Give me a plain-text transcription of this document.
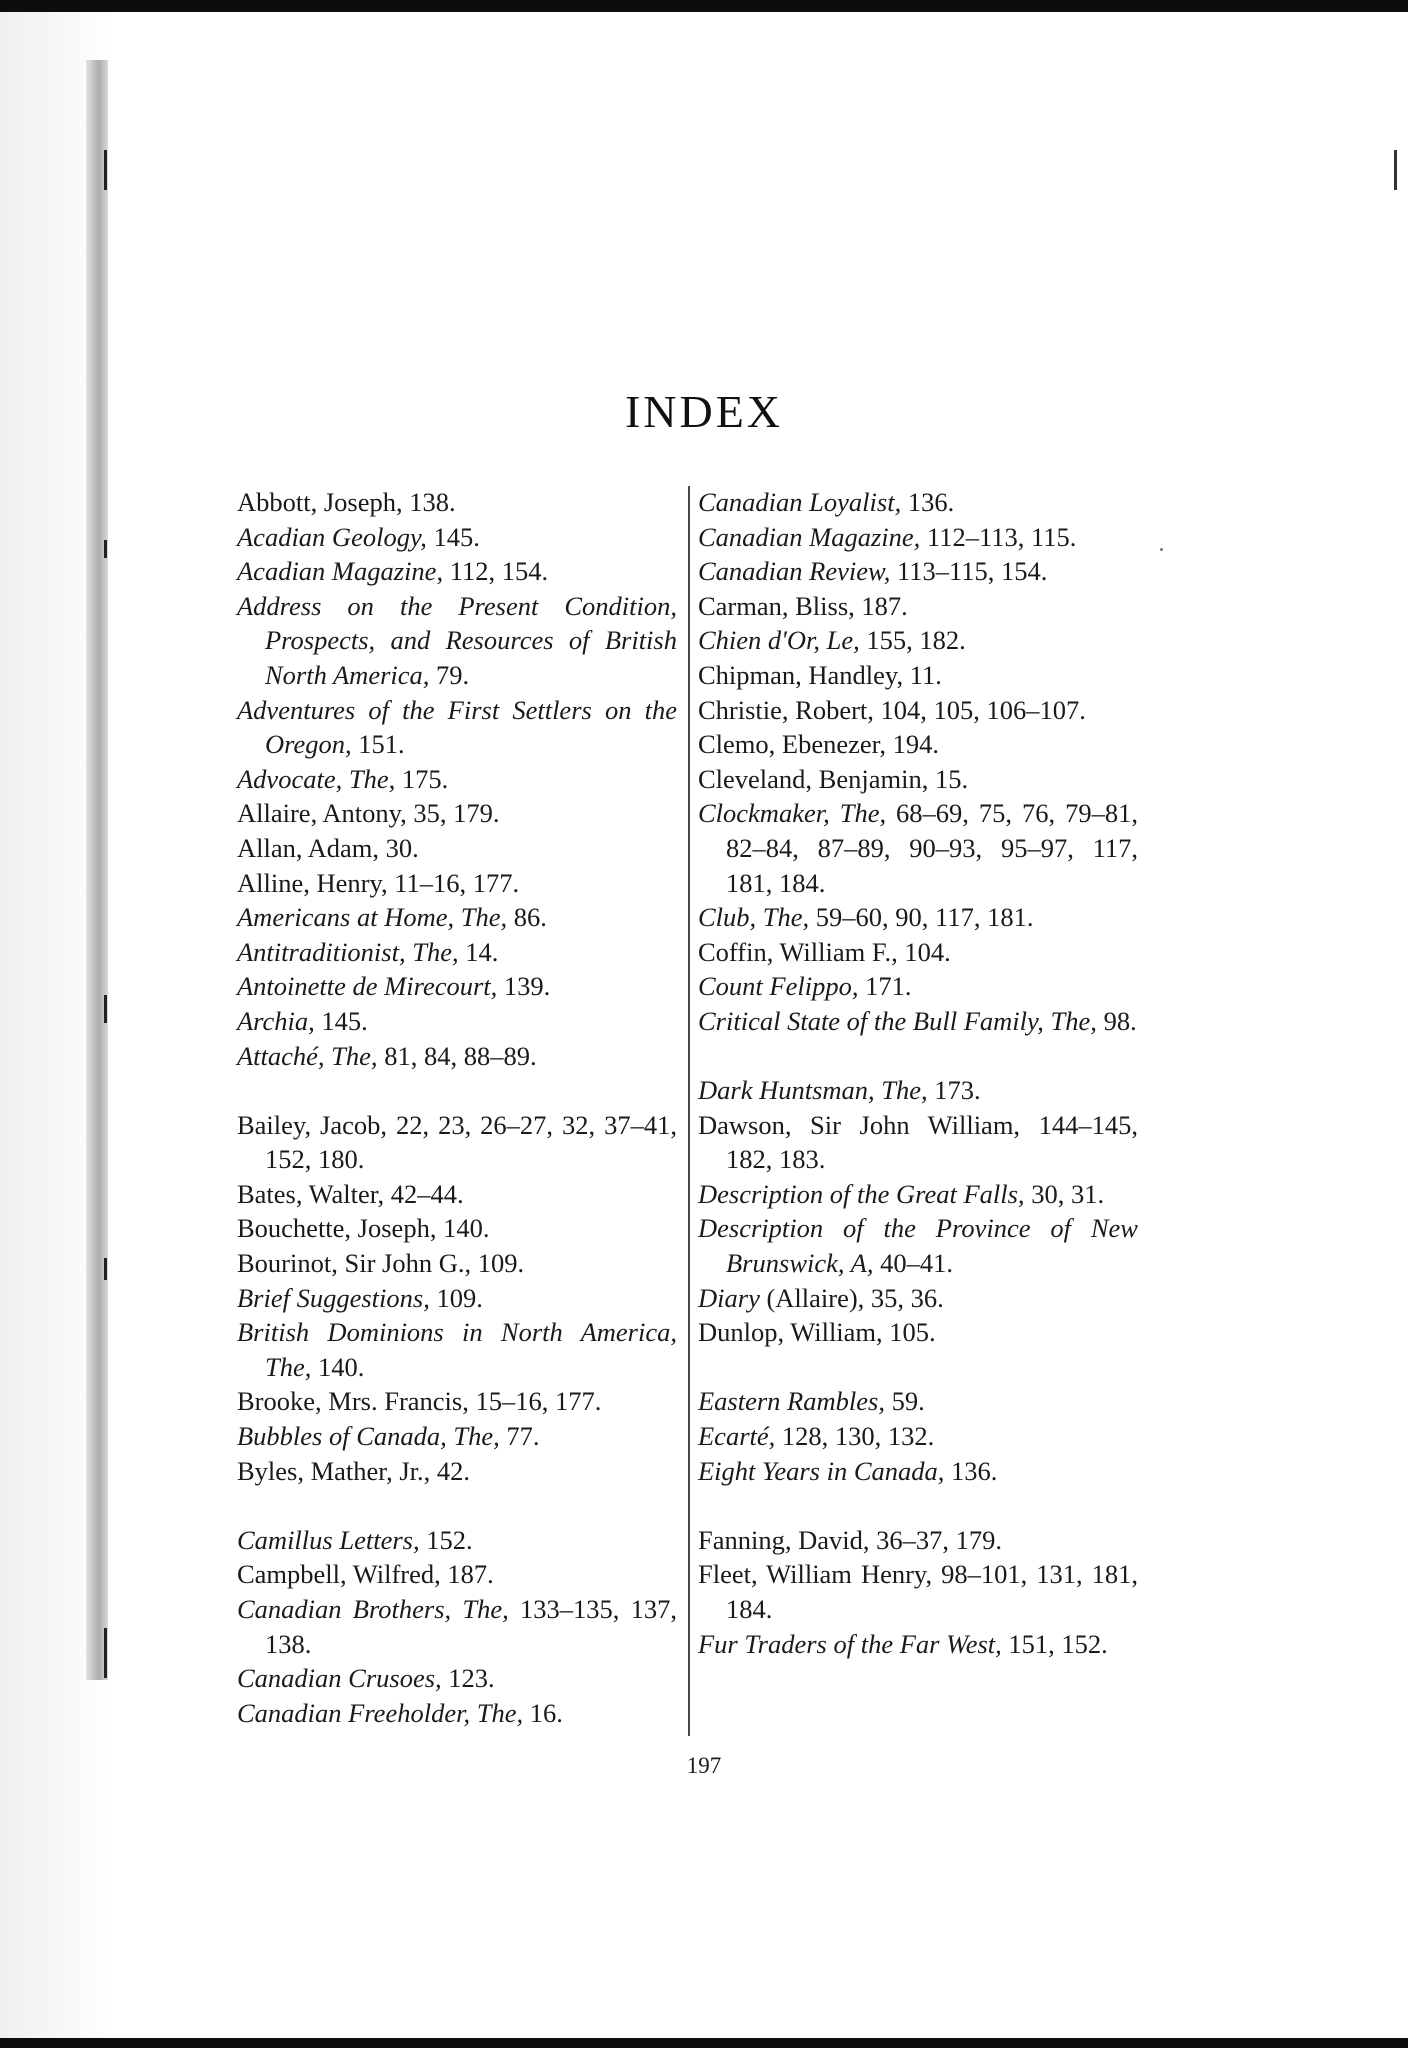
INDEX
Abbott, Joseph, 138.
Acadian Geology, 145.
Acadian Magazine, 112, 154.
Address on the Present Condition, Prospects, and Resources of British North America, 79.
Adventures of the First Settlers on the Oregon, 151.
Advocate, The, 175.
Allaire, Antony, 35, 179.
Allan, Adam, 30.
Alline, Henry, 11–16, 177.
Americans at Home, The, 86.
Antitraditionist, The, 14.
Antoinette de Mirecourt, 139.
Archia, 145.
Attaché, The, 81, 84, 88–89.
Bailey, Jacob, 22, 23, 26–27, 32, 37–41, 152, 180.
Bates, Walter, 42–44.
Bouchette, Joseph, 140.
Bourinot, Sir John G., 109.
Brief Suggestions, 109.
British Dominions in North America, The, 140.
Brooke, Mrs. Francis, 15–16, 177.
Bubbles of Canada, The, 77.
Byles, Mather, Jr., 42.
Camillus Letters, 152.
Campbell, Wilfred, 187.
Canadian Brothers, The, 133–135, 137, 138.
Canadian Crusoes, 123.
Canadian Freeholder, The, 16.
Canadian Loyalist, 136.
Canadian Magazine, 112–113, 115.
Canadian Review, 113–115, 154.
Carman, Bliss, 187.
Chien d'Or, Le, 155, 182.
Chipman, Handley, 11.
Christie, Robert, 104, 105, 106–107.
Clemo, Ebenezer, 194.
Cleveland, Benjamin, 15.
Clockmaker, The, 68–69, 75, 76, 79–81, 82–84, 87–89, 90–93, 95–97, 117, 181, 184.
Club, The, 59–60, 90, 117, 181.
Coffin, William F., 104.
Count Felippo, 171.
Critical State of the Bull Family, The, 98.
Dark Huntsman, The, 173.
Dawson, Sir John William, 144–145, 182, 183.
Description of the Great Falls, 30, 31.
Description of the Province of New Brunswick, A, 40–41.
Diary (Allaire), 35, 36.
Dunlop, William, 105.
Eastern Rambles, 59.
Ecarté, 128, 130, 132.
Eight Years in Canada, 136.
Fanning, David, 36–37, 179.
Fleet, William Henry, 98–101, 131, 181, 184.
Fur Traders of the Far West, 151, 152.
197
